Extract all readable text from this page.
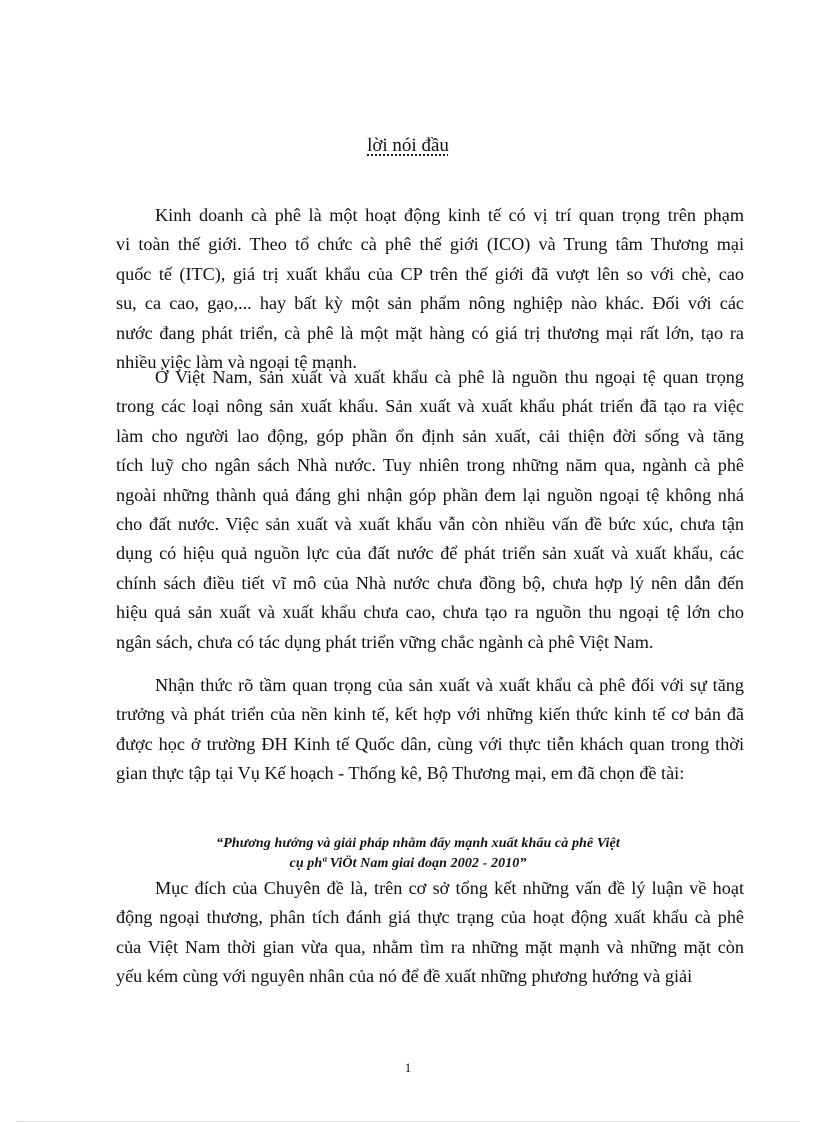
lời nói đầu
Kinh doanh cà phê là một hoạt động kinh tế có vị trí quan trọng trên phạm
vi toàn thế giới. Theo tổ chức cà phê thế giới (ICO) và Trung tâm Thương mại
quốc tế (ITC), giá trị xuất khẩu của CP trên thế giới đã vượt lên so với chè, cao
su, ca cao, gạo,... hay bất kỳ một sản phẩm nông nghiệp nào khác. Đối với các
nước đang phát triển, cà phê là một mặt hàng có giá trị thương mại rất lớn, tạo ra
nhiều việc làm và ngoại tệ mạnh.
Ở Việt Nam, sản xuất và xuất khẩu cà phê là nguồn thu ngoại tệ quan trọng
trong các loại nông sản xuất khẩu. Sản xuất và xuất khẩu phát triển đã tạo ra việc
làm cho người lao động, góp phần ổn định sản xuất, cải thiện đời sống và tăng
tích luỹ cho ngân sách Nhà nước. Tuy nhiên trong những năm qua, ngành cà phê
ngoài những thành quả đáng ghi nhận góp phần đem lại nguồn ngoại tệ không nhá
cho đất nước. Việc sản xuất và xuất khẩu vẫn còn nhiều vấn đề bức xúc, chưa tận
dụng có hiệu quả nguồn lực của đất nước để phát triển sản xuất và xuất khẩu, các
chính sách điều tiết vĩ mô của Nhà nước chưa đồng bộ, chưa hợp lý nên dẫn đến
hiệu quả sản xuất và xuất khẩu chưa cao, chưa tạo ra nguồn thu ngoại tệ lớn cho
ngân sách, chưa có tác dụng phát triển vững chắc ngành cà phê Việt Nam.
Nhận thức rõ tầm quan trọng của sản xuất và xuất khẩu cà phê đối với sự tăng
trưởng và phát triển của nền kinh tế, kết hợp với những kiến thức kinh tế cơ bản đã
được học ở trường ĐH Kinh tế Quốc dân, cùng với thực tiễn khách quan trong thời
gian thực tập tại Vụ Kế hoạch - Thống kê, Bộ Thương mại, em đã chọn đề tài:
“Phương hướng và giải pháp nhằm đẩy mạnh xuất khẩu cà phê Việt
cụ phª ViÖt Nam giai đoạn 2002 - 2010”
Mục đích của Chuyên đề là, trên cơ sở tổng kết những vấn đề lý luận về hoạt
động ngoại thương, phân tích đánh giá thực trạng của hoạt động xuất khẩu cà phê
của Việt Nam thời gian vừa qua, nhằm tìm ra những mặt mạnh và những mặt còn
yếu kém cùng với nguyên nhân của nó để đề xuất những phương hướng và giải
1
